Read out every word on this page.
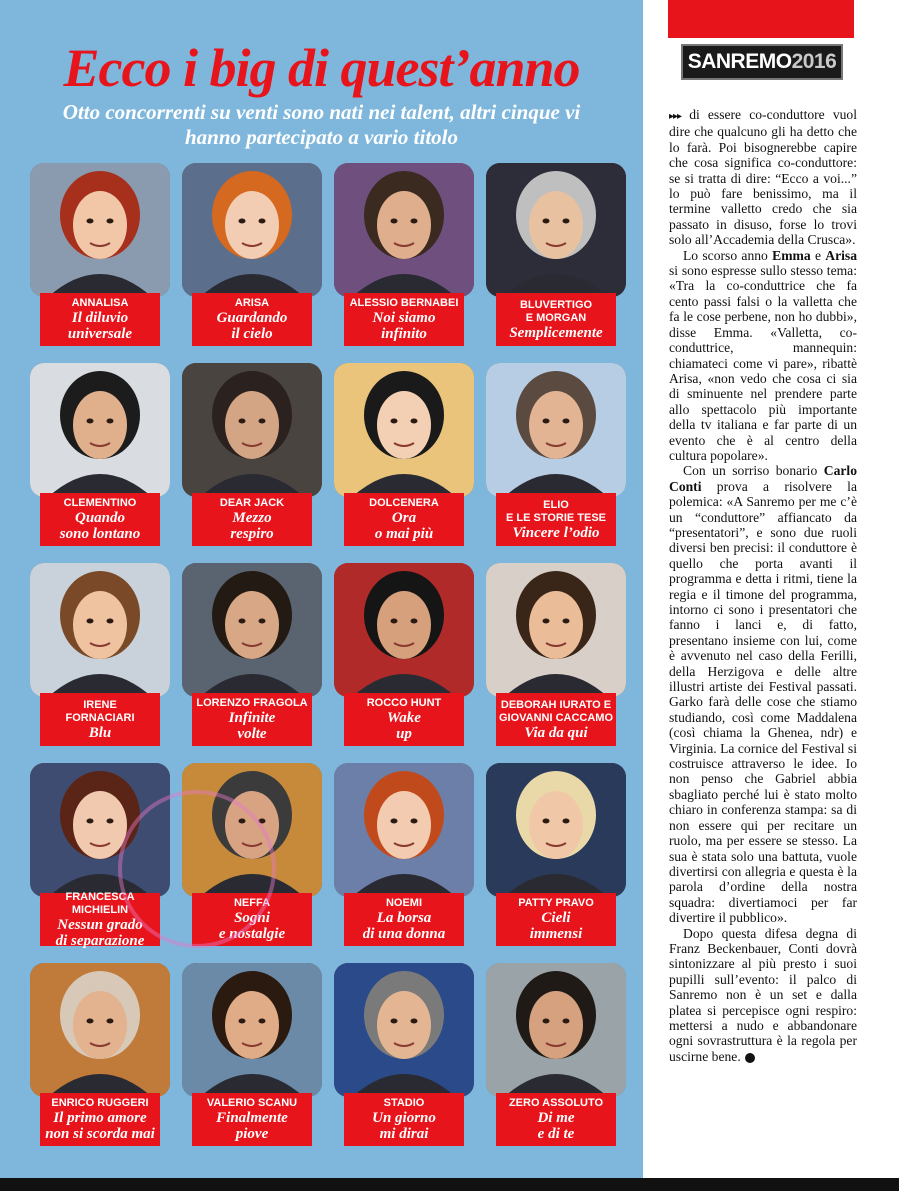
Ecco i big di quest’anno
Otto concorrenti su venti sono nati nei talent, altri cinque vi hanno partecipato a vario titolo
ANNALISA
Il diluvio
universale
ARISA
Guardando
il cielo
ALESSIO BERNABEI
Noi siamo
infinito
BLUVERTIGO
E MORGAN
Semplicemente
CLEMENTINO
Quando
sono lontano
DEAR JACK
Mezzo
respiro
DOLCENERA
Ora
o mai più
ELIO
E LE STORIE TESE
Vincere l’odio
IRENE
FORNACIARI
Blu
LORENZO FRAGOLA
Infinite
volte
ROCCO HUNT
Wake
up
DEBORAH IURATO E
GIOVANNI CACCAMO
Via da qui
FRANCESCA MICHIELIN
Nessun grado
di separazione
NEFFA
Sogni
e nostalgie
NOEMI
La borsa
di una donna
PATTY PRAVO
Cieli
immensi
ENRICO RUGGERI
Il primo amore
non si scorda mai
VALERIO SCANU
Finalmente
piove
STADIO
Un giorno
mi dirai
ZERO ASSOLUTO
Di me
e di te
SANREMO2016

▸▸▸ di essere co-conduttore vuol dire che qualcuno gli ha detto che lo farà. Poi bisognerebbe capire che cosa significa co-conduttore: se si tratta di dire: “Ecco a voi...” lo può fare benissimo, ma il termine valletto credo che sia passato in disuso, forse lo trovi solo all’Accademia della Crusca».

Lo scorso anno Emma e Arisa si sono espresse sullo stesso tema: «Tra la co-conduttrice che fa cento passi falsi o la valletta che fa le cose perbene, non ho dubbi», disse Emma. «Valletta, co-conduttrice, mannequin: chiamateci come vi pare», ribattè Arisa, «non vedo che cosa ci sia di sminuente nel prendere parte allo spettacolo più importante della tv italiana e far parte di un evento che è al centro della cultura popolare».

Con un sorriso bonario Carlo Conti prova a risolvere la polemica: «A Sanremo per me c’è un “conduttore” affiancato da “presentatori”, e sono due ruoli diversi ben precisi: il conduttore è quello che porta avanti il programma e detta i ritmi, tiene la regia e il timone del programma, intorno ci sono i presentatori che fanno i lanci e, di fatto, presentano insieme con lui, come è avvenuto nel caso della Ferilli, della Herzigova e delle altre illustri artiste dei Festival passati. Garko farà delle cose che stiamo studiando, così come Maddalena (così chiama la Ghenea, ndr) e Virginia. La cornice del Festival si costruisce attraverso le idee. Io non penso che Gabriel abbia sbagliato perché lui è stato molto chiaro in conferenza stampa: sa di non essere qui per recitare un ruolo, ma per essere se stesso. La sua è stata solo una battuta, vuole divertirsi con allegria e questa è la parola d’ordine della nostra squadra: divertiamoci per far divertire il pubblico».

Dopo questa difesa degna di Franz Beckenbauer, Conti dovrà sintonizzare al più presto i suoi pupilli sull’evento: il palco di Sanremo non è un set e dalla platea si percepisce ogni respiro: mettersi a nudo e abbandonare ogni sovrastruttura è la regola per uscirne bene.
